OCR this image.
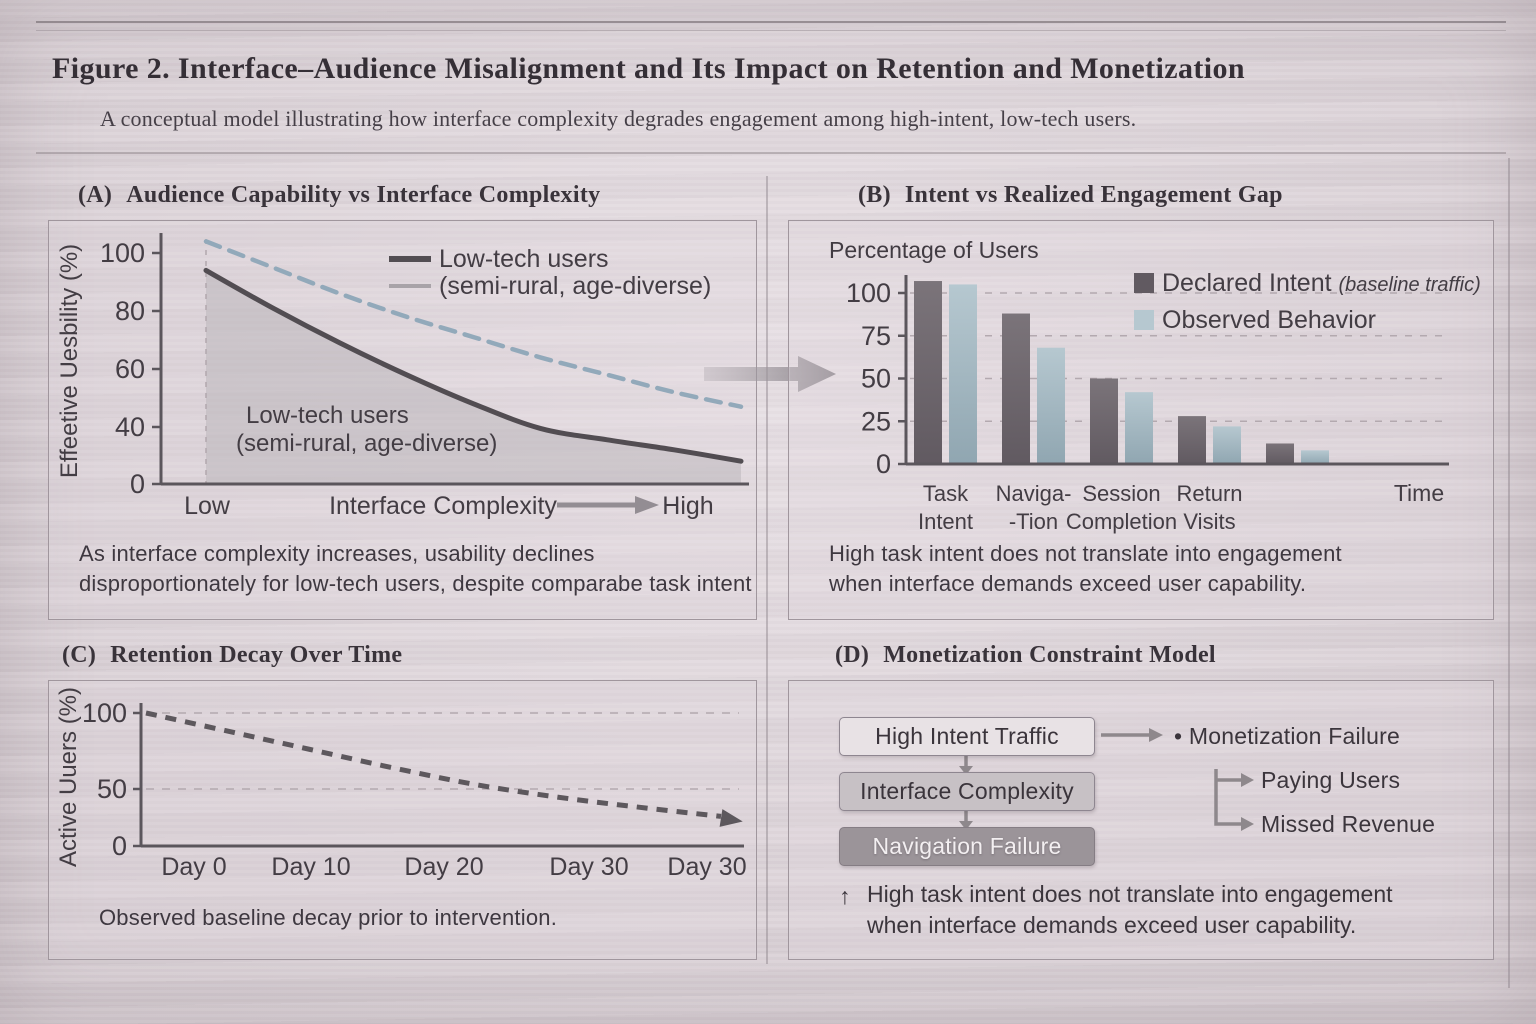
Figure 2. Interface–Audience Misalignment and Its Impact on Retention and Monetization
A conceptual model illustrating how interface complexity degrades engagement among high-intent, low-tech users.
(A) Audience Capability vs Interface Complexity	(B) Intent vs Realized Engagement Gap
(C) Retention Decay Over Time	(D) Monetization Constraint Model
100
80
60
40
0
Low-tech users
(semi-rural, age-diverse)
Low-tech users
(semi-rural, age-diverse)
Low	Interface Complexity	High
Effeetive Uesbility (%)
As interface complexity increases, usability declines
disproportionately for low-tech users, despite comparabe task intent
Percentage of Users
0
25
50
75
100	Declared Intent (baseline traffic)
Observed Behavior
Task
Intent
Naviga-
-Tion
Session
Completion
Return
Visits
Time
High task intent does not translate into engagement
when interface demands exceed user capability.
100
50
0
Day 0 Day 10 Day 20	Day 30 Day 30
Active Uuers (%)
Observed baseline decay prior to intervention.
High Intent Traffic
Interface Complexity
Navigation Failure
• Monetization Failure
Paying Users
Missed Revenue
↑ High task intent does not translate into engagement
when interface demands exceed user capability.
